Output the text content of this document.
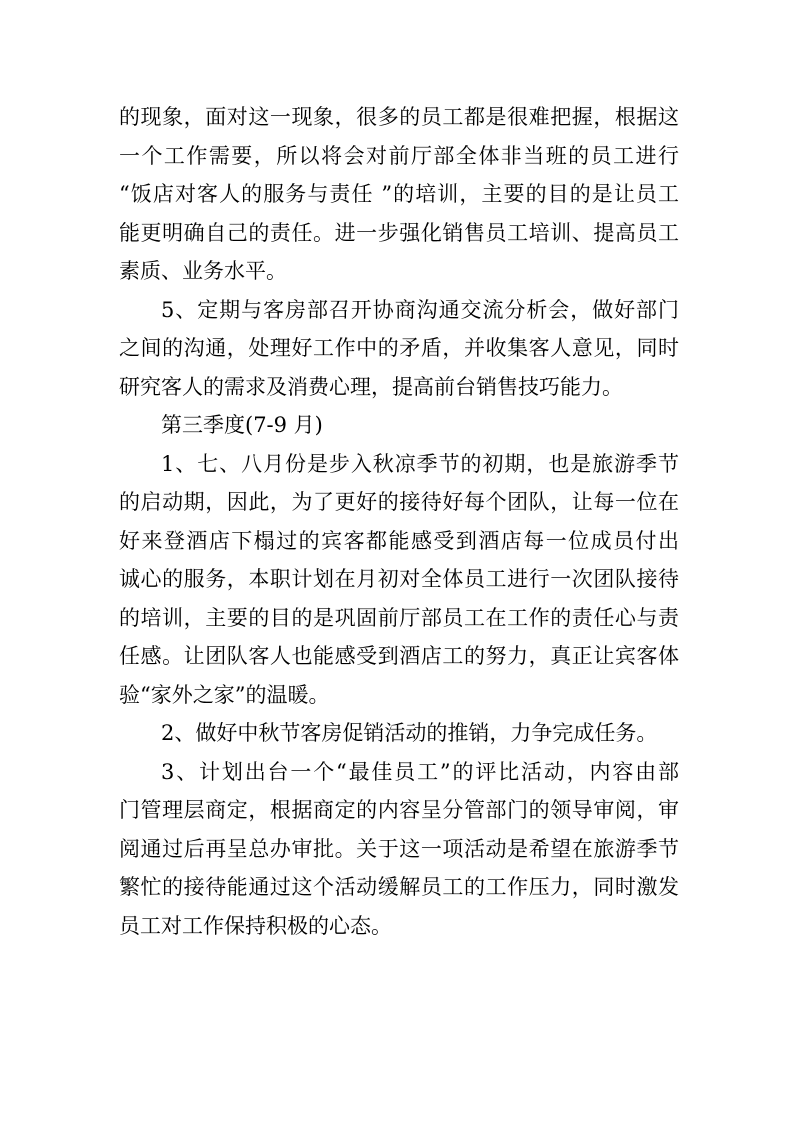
的现象，面对这一现象，很多的员工都是很难把握，根据这
一个工作需要，所以将会对前厅部全体非当班的员工进行
“饭店对客人的服务与责任 ”的培训，主要的目的是让员工
能更明确自己的责任。进一步强化销售员工培训、提高员工
素质、业务水平。
5、定期与客房部召开协商沟通交流分析会，做好部门
之间的沟通，处理好工作中的矛盾，并收集客人意见，同时
研究客人的需求及消费心理，提高前台销售技巧能力。
第三季度(7-9 月)
1、七、八月份是步入秋凉季节的初期，也是旅游季节
的启动期，因此，为了更好的接待好每个团队，让每一位在
好来登酒店下榻过的宾客都能感受到酒店每一位成员付出
诚心的服务，本职计划在月初对全体员工进行一次团队接待
的培训，主要的目的是巩固前厅部员工在工作的责任心与责
任感。让团队客人也能感受到酒店工的努力，真正让宾客体
验“家外之家”的温暖。
2、做好中秋节客房促销活动的推销，力争完成任务。
3、计划出台一个“最佳员工”的评比活动，内容由部
门管理层商定，根据商定的内容呈分管部门的领导审阅，审
阅通过后再呈总办审批。关于这一项活动是希望在旅游季节
繁忙的接待能通过这个活动缓解员工的工作压力，同时激发
员工对工作保持积极的心态。
